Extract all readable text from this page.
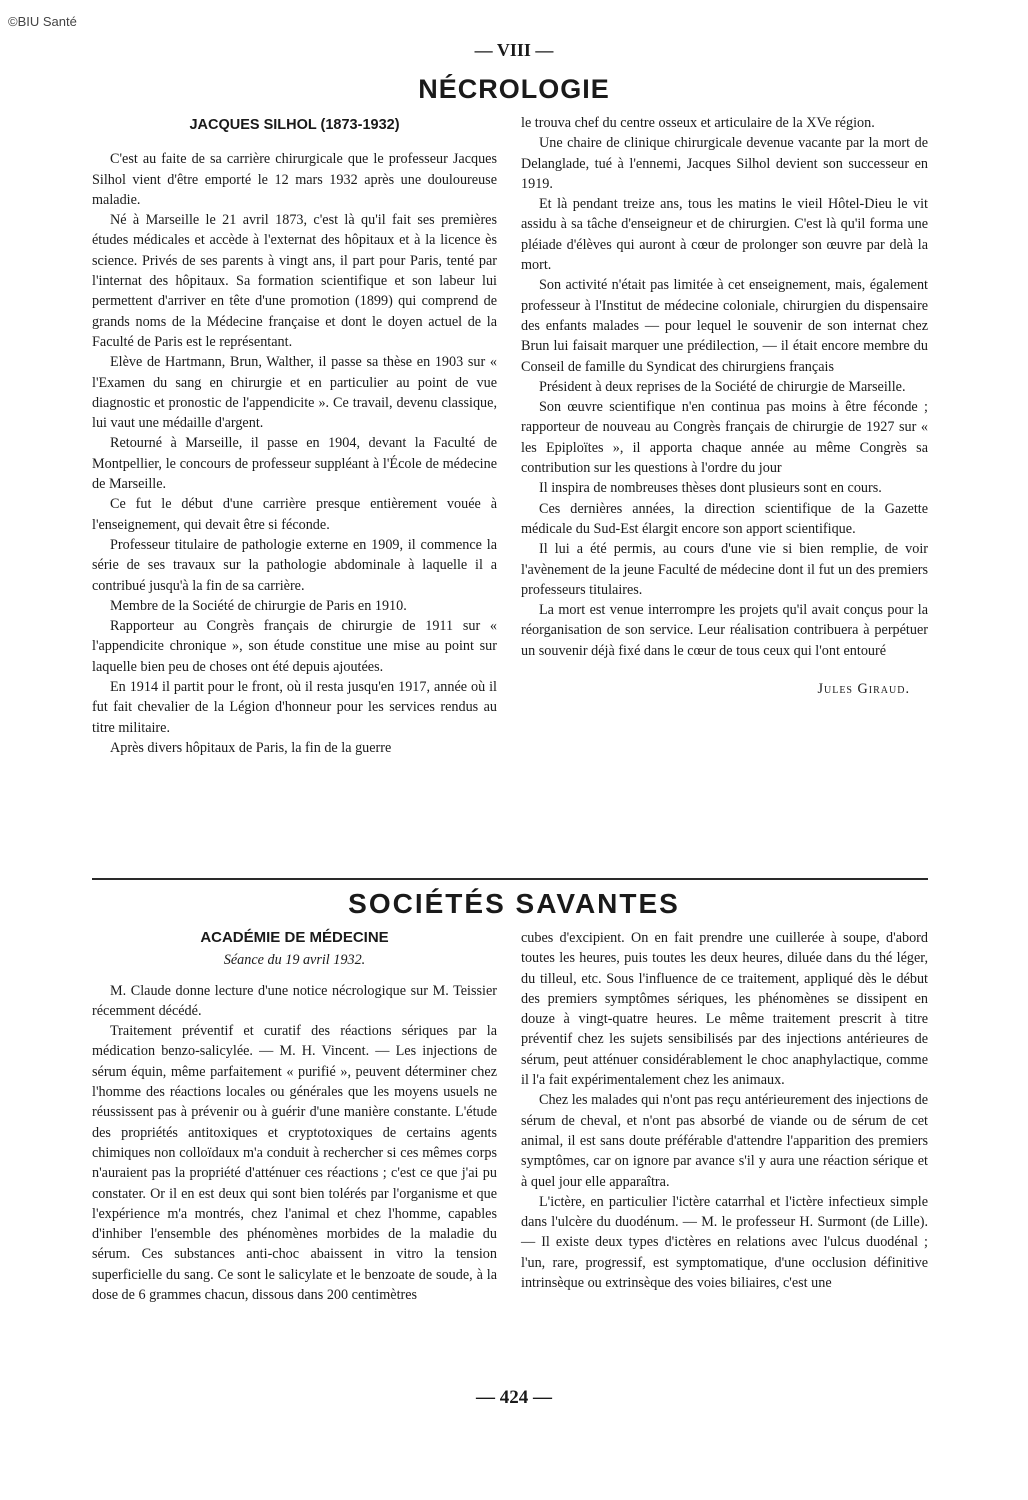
©BIU Santé
— VIII —
NÉCROLOGIE
JACQUES SILHOL (1873-1932)

C'est au faite de sa carrière chirurgicale que le professeur Jacques Silhol vient d'être emporté le 12 mars 1932 après une douloureuse maladie.

Né à Marseille le 21 avril 1873, c'est là qu'il fait ses premières études médicales et accède à l'externat des hôpitaux et à la licence ès science. Privés de ses parents à vingt ans, il part pour Paris, tenté par l'internat des hôpitaux. Sa formation scientifique et son labeur lui permettent d'arriver en tête d'une promotion (1899) qui comprend de grands noms de la Médecine française et dont le doyen actuel de la Faculté de Paris est le représentant.

Elève de Hartmann, Brun, Walther, il passe sa thèse en 1903 sur « l'Examen du sang en chirurgie et en particulier au point de vue diagnostic et pronostic de l'appendicite ». Ce travail, devenu classique, lui vaut une médaille d'argent.

Retourné à Marseille, il passe en 1904, devant la Faculté de Montpellier, le concours de professeur suppléant à l'École de médecine de Marseille.

Ce fut le début d'une carrière presque entièrement vouée à l'enseignement, qui devait être si féconde.

Professeur titulaire de pathologie externe en 1909, il commence la série de ses travaux sur la pathologie abdominale à laquelle il a contribué jusqu'à la fin de sa carrière.

Membre de la Société de chirurgie de Paris en 1910.

Rapporteur au Congrès français de chirurgie de 1911 sur « l'appendicite chronique », son étude constitue une mise au point sur laquelle bien peu de choses ont été depuis ajoutées.

En 1914 il partit pour le front, où il resta jusqu'en 1917, année où il fut fait chevalier de la Légion d'honneur pour les services rendus au titre militaire.

Après divers hôpitaux de Paris, la fin de la guerre

le trouva chef du centre osseux et articulaire de la XVe région.

Une chaire de clinique chirurgicale devenue vacante par la mort de Delanglade, tué à l'ennemi, Jacques Silhol devient son successeur en 1919.

Et là pendant treize ans, tous les matins le vieil Hôtel-Dieu le vit assidu à sa tâche d'enseigneur et de chirurgien. C'est là qu'il forma une pléiade d'élèves qui auront à cœur de prolonger son œuvre par delà la mort.

Son activité n'était pas limitée à cet enseignement, mais, également professeur à l'Institut de médecine coloniale, chirurgien du dispensaire des enfants malades — pour lequel le souvenir de son internat chez Brun lui faisait marquer une prédilection, — il était encore membre du Conseil de famille du Syndicat des chirurgiens français

Président à deux reprises de la Société de chirurgie de Marseille.

Son œuvre scientifique n'en continua pas moins à être féconde ; rapporteur de nouveau au Congrès français de chirurgie de 1927 sur « les Epiploïtes », il apporta chaque année au même Congrès sa contribution sur les questions à l'ordre du jour

Il inspira de nombreuses thèses dont plusieurs sont en cours.

Ces dernières années, la direction scientifique de la Gazette médicale du Sud-Est élargit encore son apport scientifique.

Il lui a été permis, au cours d'une vie si bien remplie, de voir l'avènement de la jeune Faculté de médecine dont il fut un des premiers professeurs titulaires.

La mort est venue interrompre les projets qu'il avait conçus pour la réorganisation de son service. Leur réalisation contribuera à perpétuer un souvenir déjà fixé dans le cœur de tous ceux qui l'ont entouré

Jules Giraud.
SOCIÉTÉS SAVANTES
ACADÉMIE DE MÉDECINE
Séance du 19 avril 1932.

M. Claude donne lecture d'une notice nécrologique sur M. Teissier récemment décédé.

Traitement préventif et curatif des réactions sériques par la médication benzo-salicylée. — M. H. Vincent. — Les injections de sérum équin, même parfaitement « purifié », peuvent déterminer chez l'homme des réactions locales ou générales que les moyens usuels ne réussissent pas à prévenir ou à guérir d'une manière constante. L'étude des propriétés antitoxiques et cryptotoxiques de certains agents chimiques non colloïdaux m'a conduit à rechercher si ces mêmes corps n'auraient pas la propriété d'atténuer ces réactions ; c'est ce que j'ai pu constater. Or il en est deux qui sont bien tolérés par l'organisme et que l'expérience m'a montrés, chez l'animal et chez l'homme, capables d'inhiber l'ensemble des phénomènes morbides de la maladie du sérum. Ces substances anti-choc abaissent in vitro la tension superficielle du sang. Ce sont le salicylate et le benzoate de soude, à la dose de 6 grammes chacun, dissous dans 200 centimètres

cubes d'excipient. On en fait prendre une cuillerée à soupe, d'abord toutes les heures, puis toutes les deux heures, diluée dans du thé léger, du tilleul, etc. Sous l'influence de ce traitement, appliqué dès le début des premiers symptômes sériques, les phénomènes se dissipent en douze à vingt-quatre heures. Le même traitement prescrit à titre préventif chez les sujets sensibilisés par des injections antérieures de sérum, peut atténuer considérablement le choc anaphylactique, comme il l'a fait expérimentalement chez les animaux.

Chez les malades qui n'ont pas reçu antérieurement des injections de sérum de cheval, et n'ont pas absorbé de viande ou de sérum de cet animal, il est sans doute préférable d'attendre l'apparition des premiers symptômes, car on ignore par avance s'il y aura une réaction sérique et à quel jour elle apparaîtra.

L'ictère, en particulier l'ictère catarrhal et l'ictère infectieux simple dans l'ulcère du duodénum. — M. le professeur H. Surmont (de Lille). — Il existe deux types d'ictères en relations avec l'ulcus duodénal ; l'un, rare, progressif, est symptomatique, d'une occlusion définitive intrinsèque ou extrinsèque des voies biliaires, c'est une

— 424 —
